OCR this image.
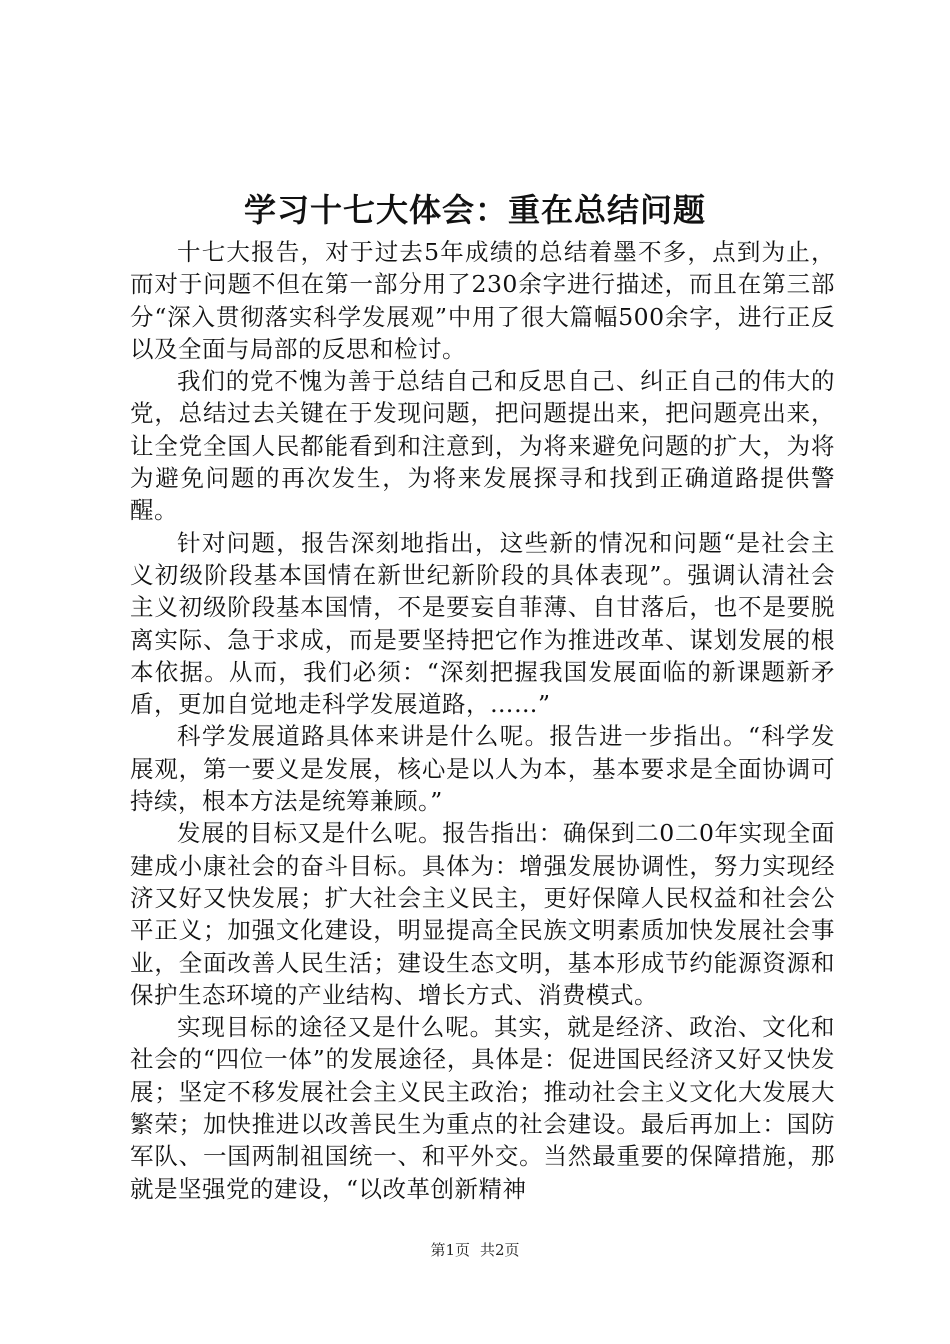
学习十七大体会：重在总结问题

十七大报告，对于过去5年成绩的总结着墨不多，点到为止，而对于问题不但在第一部分用了230余字进行描述，而且在第三部分“深入贯彻落实科学发展观”中用了很大篇幅500余字，进行正反以及全面与局部的反思和检讨。

我们的党不愧为善于总结自己和反思自己、纠正自己的伟大的党，总结过去关键在于发现问题，把问题提出来，把问题亮出来，让全党全国人民都能看到和注意到，为将来避免问题的扩大，为将为避免问题的再次发生，为将来发展探寻和找到正确道路提供警醒。

针对问题，报告深刻地指出，这些新的情况和问题“是社会主义初级阶段基本国情在新世纪新阶段的具体表现”。强调认清社会主义初级阶段基本国情，不是要妄自菲薄、自甘落后，也不是要脱离实际、急于求成，而是要坚持把它作为推进改革、谋划发展的根本依据。从而，我们必须：“深刻把握我国发展面临的新课题新矛盾，更加自觉地走科学发展道路，……”

科学发展道路具体来讲是什么呢。报告进一步指出。“科学发展观，第一要义是发展，核心是以人为本，基本要求是全面协调可持续，根本方法是统筹兼顾。”

发展的目标又是什么呢。报告指出：确保到二0二0年实现全面建成小康社会的奋斗目标。具体为：增强发展协调性，努力实现经济又好又快发展；扩大社会主义民主，更好保障人民权益和社会公平正义；加强文化建设，明显提高全民族文明素质加快发展社会事业，全面改善人民生活；建设生态文明，基本形成节约能源资源和保护生态环境的产业结构、增长方式、消费模式。

实现目标的途径又是什么呢。其实，就是经济、政治、文化和社会的“四位一体”的发展途径，具体是：促进国民经济又好又快发展；坚定不移发展社会主义民主政治；推动社会主义文化大发展大繁荣；加快推进以改善民生为重点的社会建设。最后再加上：国防军队、一国两制祖国统一、和平外交。当然最重要的保障措施，那就是坚强党的建设，“以改革创新精神

第1页 共2页
